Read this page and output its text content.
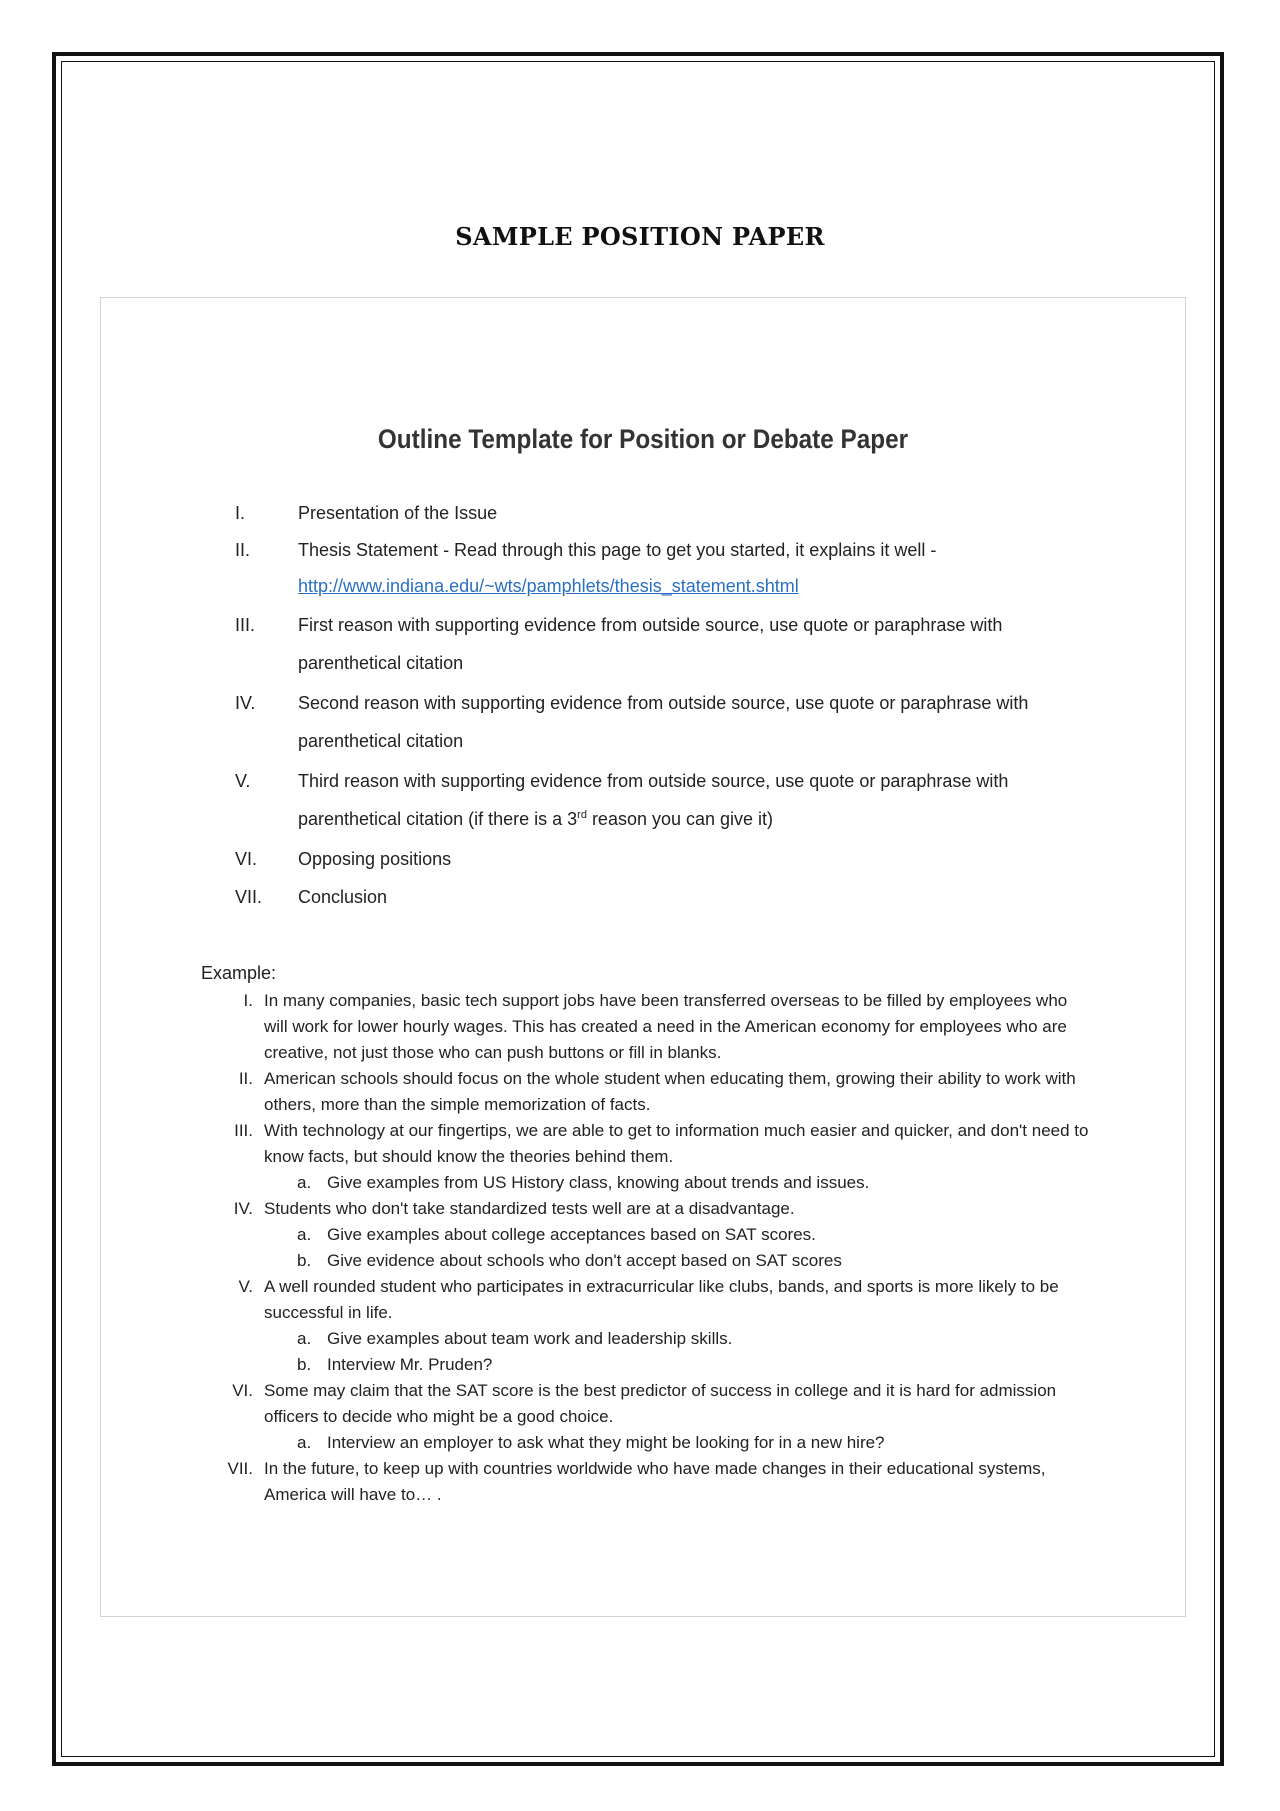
SAMPLE POSITION PAPER
Outline Template for Position or Debate Paper
I.	Presentation of the Issue
II.	Thesis Statement - Read through this page to get you started, it explains it well -
http://www.indiana.edu/~wts/pamphlets/thesis_statement.shtml
III. First reason with supporting evidence from outside source, use quote or paraphrase with
parenthetical citation
IV. Second reason with supporting evidence from outside source, use quote or paraphrase with
parenthetical citation
V.	Third reason with supporting evidence from outside source, use quote or paraphrase with
parenthetical citation (if there is a 3rd reason you can give it)
VI. Opposing positions
VII. Conclusion
Example:
I. In many companies, basic tech support jobs have been transferred overseas to be filled by employees who will work for lower hourly wages. This has created a need in the American economy for employees who are creative, not just those who can push buttons or fill in blanks.
II. American schools should focus on the whole student when educating them, growing their ability to work with others, more than the simple memorization of facts.
III. With technology at our fingertips, we are able to get to information much easier and quicker, and don't need to know facts, but should know the theories behind them.
a. Give examples from US History class, knowing about trends and issues.
IV. Students who don't take standardized tests well are at a disadvantage.
a. Give examples about college acceptances based on SAT scores.
b. Give evidence about schools who don't accept based on SAT scores
V. A well rounded student who participates in extracurricular like clubs, bands, and sports is more likely to be successful in life.
a. Give examples about team work and leadership skills.
b. Interview Mr. Pruden?
VI. Some may claim that the SAT score is the best predictor of success in college and it is hard for admission officers to decide who might be a good choice.
a. Interview an employer to ask what they might be looking for in a new hire?
VII. In the future, to keep up with countries worldwide who have made changes in their educational systems, America will have to… .
